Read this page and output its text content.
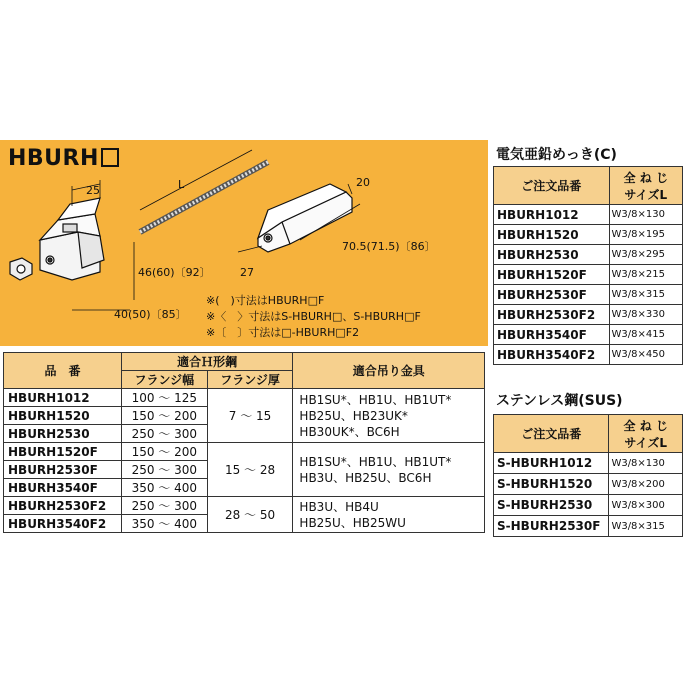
HBURH
25	L	20
27
46(60)〔92〕
40(50)〔85〕
70.5(71.5)〔86〕
※(　)寸法はHBURH□F
※〈　〉寸法はS-HBURH□、S-HBURH□F
※〔　〕寸法は□-HBURH□F2
品　番	適合Ｈ形鋼		適合吊り金具
	フランジ幅	フランジ厚	
HBURH1012	100 ～ 125	7 ～ 15	HB1SU*、HB1U、HB1UT*
HB25U、HB23UK*
HB30UK*、BC6H

HBURH1520	150 ～ 200		
HBURH2530	250 ～ 300		
HBURH1520F	150 ～ 200	15 ～ 28	HB1SU*、HB1U、HB1UT*
HB3U、HB25U、BC6H

HBURH2530F	250 ～ 300		
HBURH3540F	350 ～ 400		
HBURH2530F2	250 ～ 300	28 ～ 50	HB3U、HB4U
HB25U、HB25WU

HBURH3540F2	350 ～ 400		
電気亜鉛めっき(C)
ご注文品番	全 ね じ
サイズL

HBURH1012	W3/8×130
HBURH1520	W3/8×195
HBURH2530	W3/8×295
HBURH1520F	W3/8×215
HBURH2530F	W3/8×315
HBURH2530F2	W3/8×330
HBURH3540F	W3/8×415
HBURH3540F2	W3/8×450
ステンレス鋼(SUS)
ご注文品番	全 ね じ
サイズL

S-HBURH1012	W3/8×130
S-HBURH1520	W3/8×200
S-HBURH2530	W3/8×300
S-HBURH2530F	W3/8×315
